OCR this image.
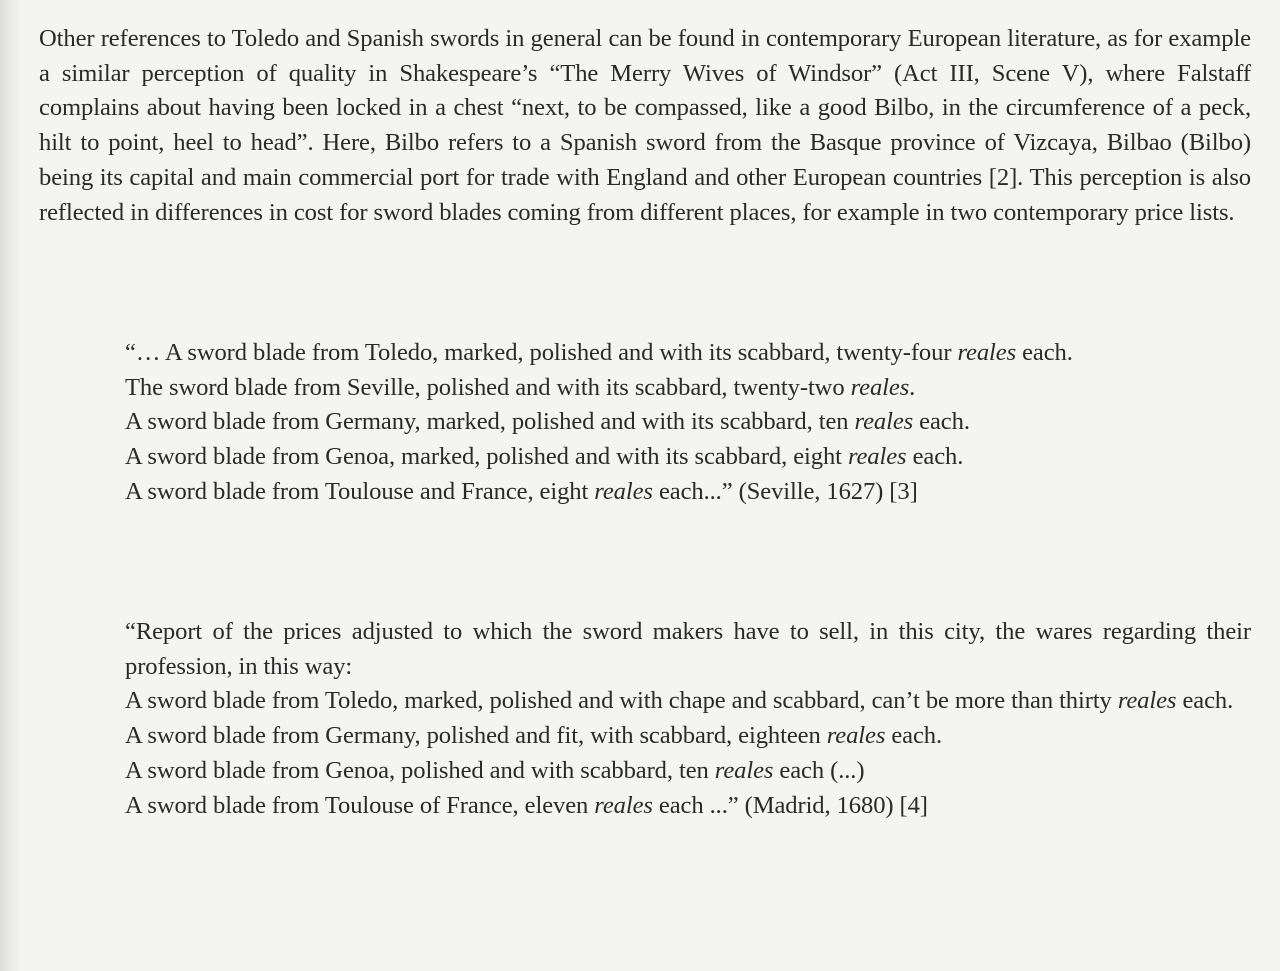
Other references to Toledo and Spanish swords in general can be found in contemporary European literature, as for example a similar perception of quality in Shakespeare’s “The Merry Wives of Windsor” (Act III, Scene V), where Falstaff complains about having been locked in a chest “next, to be compassed, like a good Bilbo, in the circumference of a peck, hilt to point, heel to head”. Here, Bilbo refers to a Spanish sword from the Basque province of Vizcaya, Bilbao (Bilbo) being its capital and main commercial port for trade with England and other European countries [2]. This perception is also reflected in differences in cost for sword blades coming from different places, for example in two contemporary price lists.

“… A sword blade from Toledo, marked, polished and with its scabbard, twenty-four reales each.
The sword blade from Seville, polished and with its scabbard, twenty-two reales.
A sword blade from Germany, marked, polished and with its scabbard, ten reales each.
A sword blade from Genoa, marked, polished and with its scabbard, eight reales each.
A sword blade from Toulouse and France, eight reales each...” (Seville, 1627) [3]
“Report of the prices adjusted to which the sword makers have to sell, in this city, the wares regarding their profession, in this way:
A sword blade from Toledo, marked, polished and with chape and scabbard, can’t be more than thirty reales each.
A sword blade from Germany, polished and fit, with scabbard, eighteen reales each.
A sword blade from Genoa, polished and with scabbard, ten reales each (...)
A sword blade from Toulouse of France, eleven reales each ...” (Madrid, 1680) [4]
